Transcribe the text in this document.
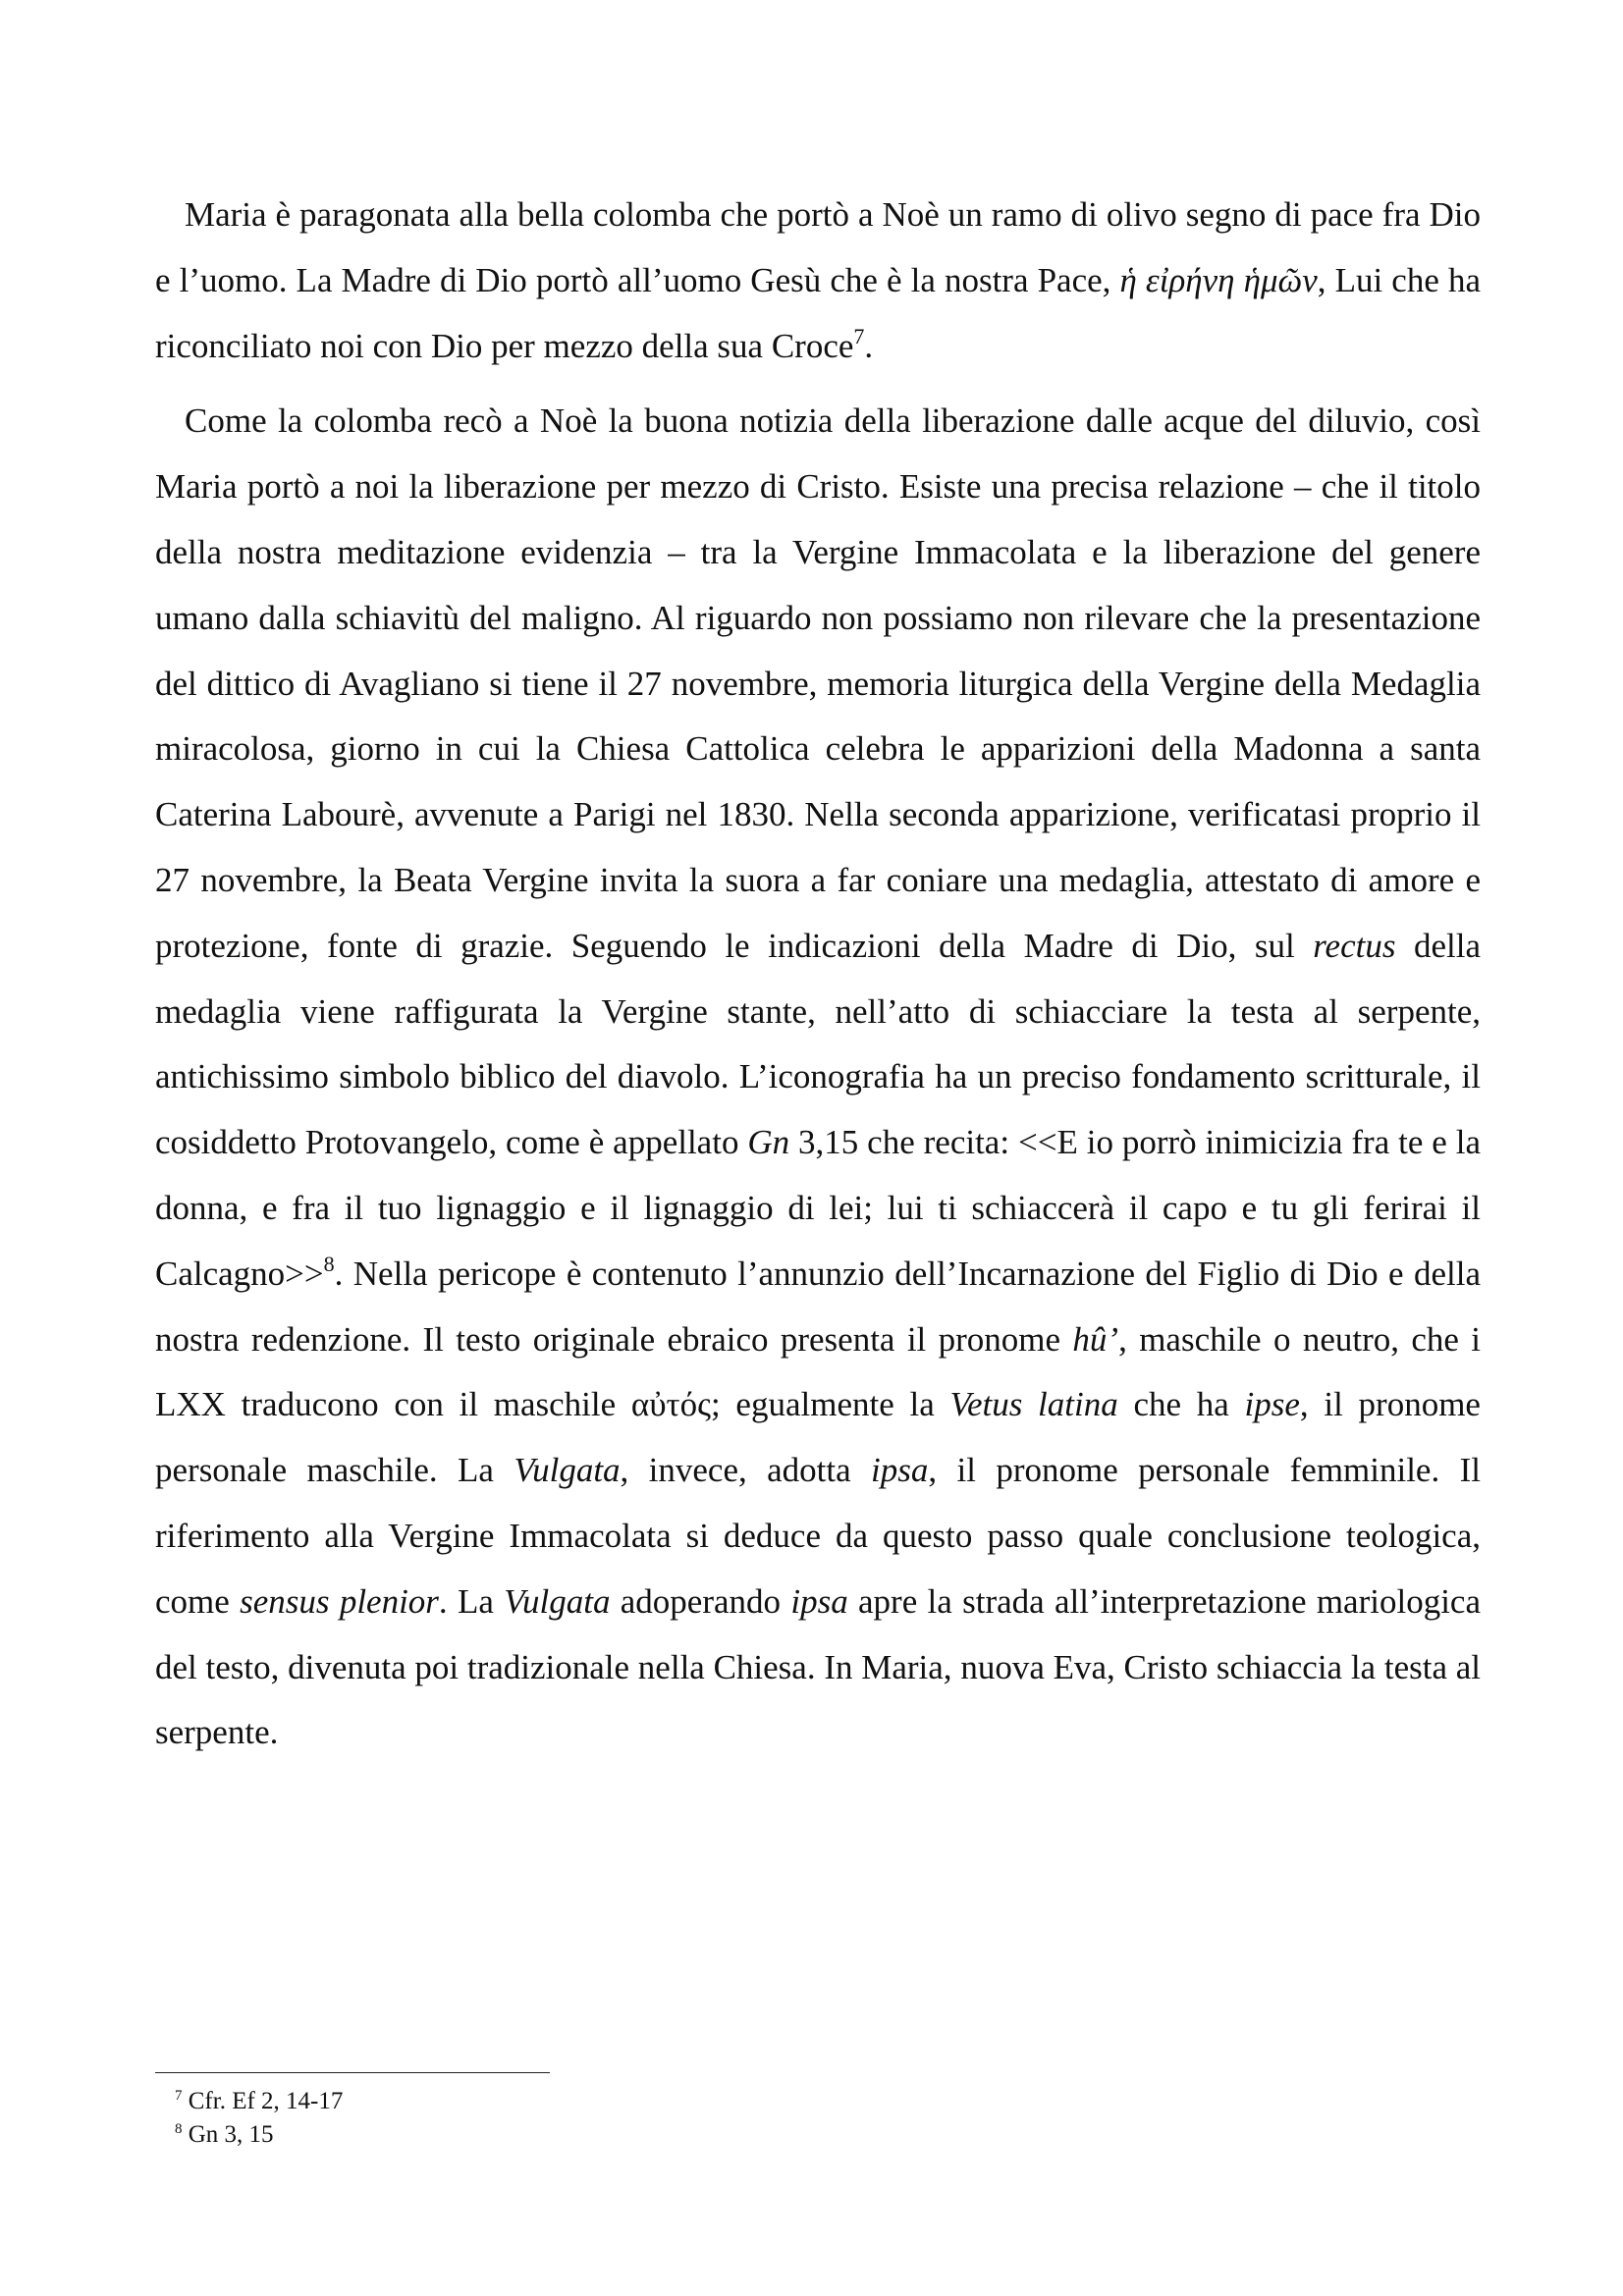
Maria è paragonata alla bella colomba che portò a Noè un ramo di olivo segno di pace fra Dio e l’uomo. La Madre di Dio portò all’uomo Gesù che è la nostra Pace, ἡ εἰρήνη ἡμῶν, Lui che ha riconciliato noi con Dio per mezzo della sua Croce$^7$.

Come la colomba recò a Noè la buona notizia della liberazione dalle acque del diluvio, così Maria portò a noi la liberazione per mezzo di Cristo. Esiste una precisa relazione – che il titolo della nostra meditazione evidenzia – tra la Vergine Immacolata e la liberazione del genere umano dalla schiavitù del maligno. Al riguardo non possiamo non rilevare che la presentazione del dittico di Avagliano si tiene il 27 novembre, memoria liturgica della Vergine della Medaglia miracolosa, giorno in cui la Chiesa Cattolica celebra le apparizioni della Madonna a santa Caterina Labourè, avvenute a Parigi nel 1830. Nella seconda apparizione, verificatasi proprio il 27 novembre, la Beata Vergine invita la suora a far coniare una medaglia, attestato di amore e protezione, fonte di grazie. Seguendo le indicazioni della Madre di Dio, sul rectus della medaglia viene raffigurata la Vergine stante, nell’atto di schiacciare la testa al serpente, antichissimo simbolo biblico del diavolo. L’iconografia ha un preciso fondamento scritturale, il cosiddetto Protovangelo, come è appellato Gn 3,15 che recita: <<E io porrò inimicizia fra te e la donna, e fra il tuo lignaggio e il lignaggio di lei; lui ti schiaccerà il capo e tu gli ferirai il Calcagno>>$^8$. Nella pericope è contenuto l’annunzio dell’Incarnazione del Figlio di Dio e della nostra redenzione. Il testo originale ebraico presenta il pronome hû’, maschile o neutro, che i LXX traducono con il maschile αὐτός; egualmente la Vetus latina che ha ipse, il pronome personale maschile. La Vulgata, invece, adotta ipsa, il pronome personale femminile. Il riferimento alla Vergine Immacolata si deduce da questo passo quale conclusione teologica, come sensus plenior. La Vulgata adoperando ipsa apre la strada all’interpretazione mariologica del testo, divenuta poi tradizionale nella Chiesa. In Maria, nuova Eva, Cristo schiaccia la testa al serpente.

$^7$ Cfr. Ef 2, 14-17

$^8$ Gn 3, 15
